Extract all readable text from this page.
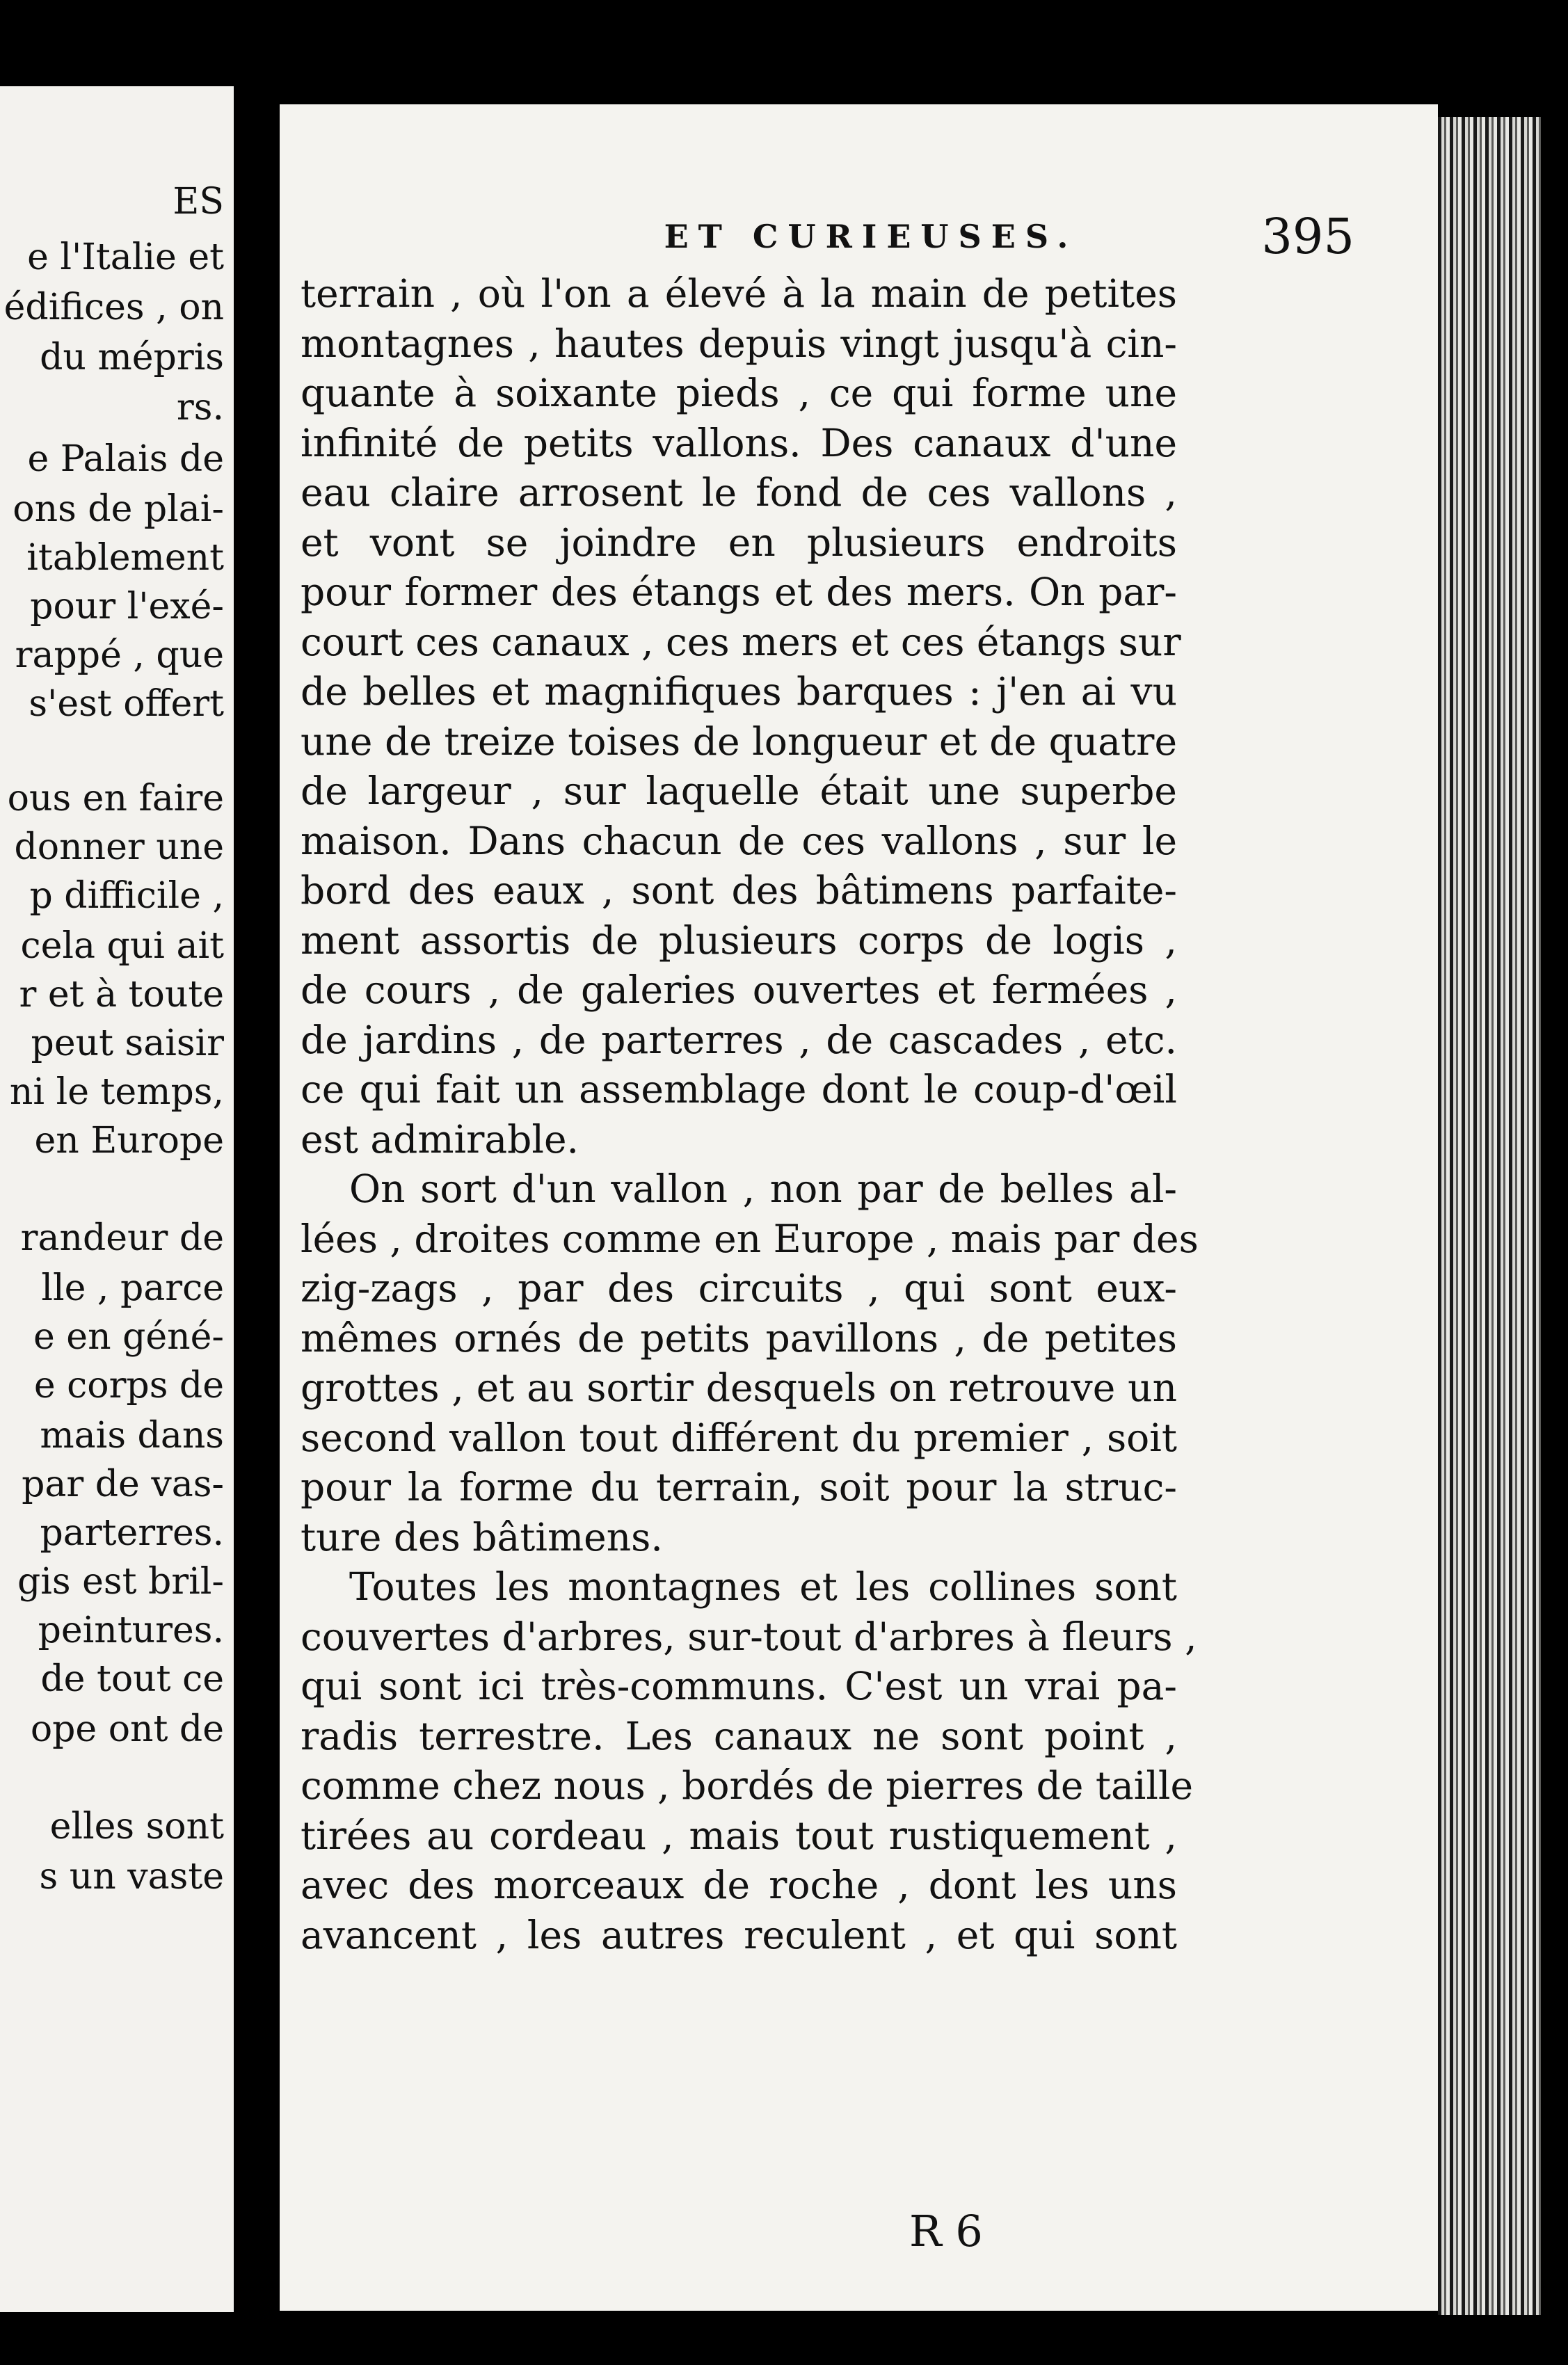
ES
e l'Italie et
édifices , on
du mépris
rs.
e Palais de
ons de plai-
itablement
pour l'exé-
rappé , que
s'est offert
ous en faire
donner une
p difficile ,
cela qui ait
r et à toute
peut saisir
ni le temps,
en Europe
randeur de
lle , parce
e en géné-
e corps de
mais dans
par de vas-
parterres.
gis est bril-
peintures.
de tout ce
ope ont de
elles sont
s un vaste
ET CURIEUSES.	395
terrain , où l'on a élevé à la main de petites
montagnes , hautes depuis vingt jusqu'à cin-
quante à soixante pieds , ce qui forme une
infinité de petits vallons. Des canaux d'une
eau claire arrosent le fond de ces vallons ,
et vont se joindre en plusieurs endroits
pour former des étangs et des mers. On par-
court ces canaux , ces mers et ces étangs sur
de belles et magnifiques barques : j'en ai vu
une de treize toises de longueur et de quatre
de largeur , sur laquelle était une superbe
maison. Dans chacun de ces vallons , sur le
bord des eaux , sont des bâtimens parfaite-
ment assortis de plusieurs corps de logis ,
de cours , de galeries ouvertes et fermées ,
de jardins , de parterres , de cascades , etc.
ce qui fait un assemblage dont le coup-d'œil
est admirable.
On sort d'un vallon , non par de belles al-
lées , droites comme en Europe , mais par des
zig-zags , par des circuits , qui sont eux-
mêmes ornés de petits pavillons , de petites
grottes , et au sortir desquels on retrouve un
second vallon tout différent du premier , soit
pour la forme du terrain, soit pour la struc-
ture des bâtimens.
Toutes les montagnes et les collines sont
couvertes d'arbres, sur-tout d'arbres à fleurs ,
qui sont ici très-communs. C'est un vrai pa-
radis terrestre. Les canaux ne sont point ,
comme chez nous , bordés de pierres de taille
tirées au cordeau , mais tout rustiquement ,
avec des morceaux de roche , dont les uns
avancent , les autres reculent , et qui sont
R 6
